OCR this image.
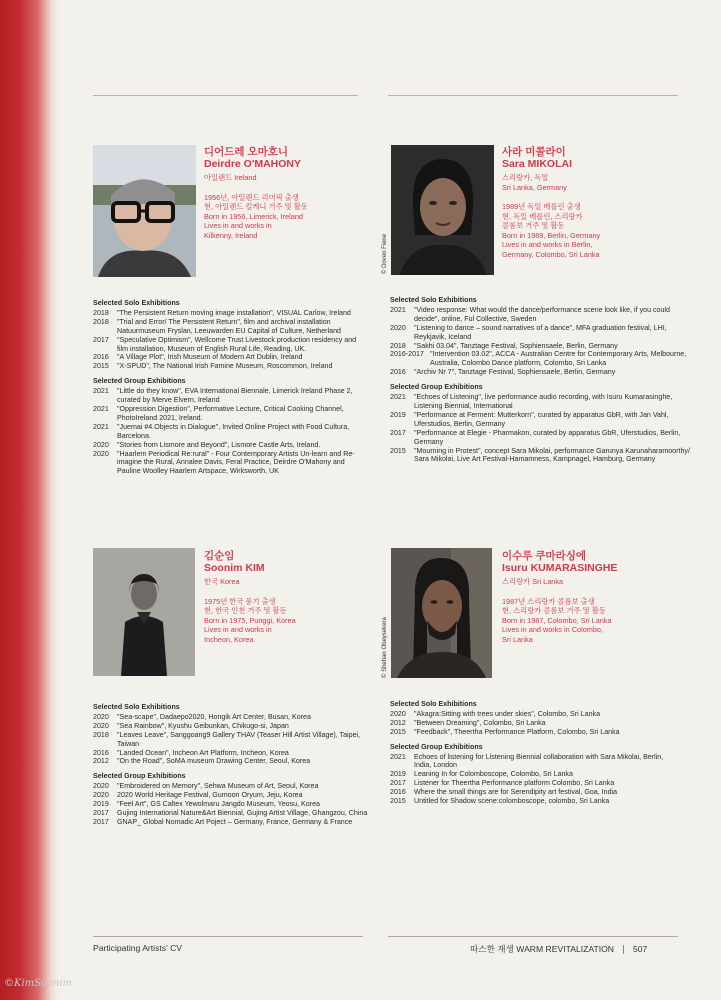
디어드레 오마호니
Deirdre O'MAHONY
아일랜드 Ireland
1956년, 아일랜드 리머릭 출생
현, 아일랜드 킬케니 거주 및 활동
Born in 1956, Limerick, Ireland
Lives in and works in
Kilkenny, Ireland
Selected Solo Exhibitions
2018	"The Persistent Return moving image installation", VISUAL Carlow, Ireland
2018	"Trial and Error/ The Persistent Return", film and archival installation Natuurmuseum Fryslan, Leeuwarden EU Capital of Culture, Netherland
2017	"Speculative Optimism", Wellcome Trust Livestock production residency and film installation, Museum of English Rural Life, Reading, UK.
2016	"A Village Plot", Irish Museum of Modern Art Dublin, Ireland
2015	"X-SPUD", The National Irish Famine Museum, Roscommon, Ireland
Selected Group Exhibitions
2021	"Little do they know", EVA International Biennale, Limerick Ireland Phase 2, curated by Merve Elvern, Ireland
2021	"Oppression Digestion", Performative Lecture, Critical Cooking Channel, PhotoIreland 2021, Ireland.
2021	"Juemai #4.Objects in Dialogue", Invited Online Project with Food Cultura, Barcelona.
2020	"Stories from Lismore and Beyond", Lismore Castle Arts, Ireland.
2020	"Haarlem Periodical Re:rural" - Four Contemporary Artists Un-learn and Re-imagine the Rural, Annalee Davis, Feral Practice, Deirdre O'Mahony and Pauline Woolley Haarlem Artspace, Wirksworth, UK
© Doven Fiene
사라 미콜라이
Sara MIKOLAI
스리랑카, 독일
Sri Lanka, Germany
1989년 독일 베를린 출생
현, 독일 베를린, 스리랑카
콜롬보 거주 및 활동
Born in 1989, Berlin, Germany
Lives in and works in Berlin,
Germany, Colombo, Sri Lanka
Selected Solo Exhibitions
2021	"Video response: What would the dance/performance scene look like, if you could decide", online, Ful Collective, Sweden
2020	"Listening to dance – sound narratives of a dance", MFA graduation festival, LHI, Reykjavik, Iceland
2018	"Sakhi 03.04", Tanztage Festival, Sophiensaele, Berlin, Germany
2016-2017 "Intervention 03.02", ACCA - Australian Centre for Contemporary Arts, Melbourne, Australia, Colombo Dance platform, Colombo, Sri Lanka
2016	"Archiv Nr 7", Tanztage Festival, Sophiensaele, Berlin, Germany
Selected Group Exhibitions
2021	"Echoes of Listening", live performance audio recording, with Isuru Kumarasinghe, Listening Biennial, International
2019	"Performance at Ferment: Mutterkorn", curated by apparatus GbR, with Jan Vahl, Uferstudios, Berlin, Germany
2017	"Performance at Elegie - Pharmakon, curated by apparatus GbR, Uferstudios, Berlin, Germany
2015	"Mourning in Protest", concept Sara Mikolai, performance Garunya Karunaharamoorthy/ Sara Mikolai, Live Art Festival-Hamamness, Kampnagel, Hamburg, Germany
김순임
Soonim KIM
한국 Korea
1975년 한국 풍기 출생
현, 한국 인천 거주 및 활동
Born in 1975, Punggi, Korea
Lives in and works in
Incheon, Korea
Selected Solo Exhibitions
2020	"Sea-scape", Dadaepo2020, Hongik Art Center, Busan, Korea
2020	"Sea Rainbow", Kyushu Geibunkan, Chikugo-si, Japan
2018	"Leaves Leave", Sanggoang9 Gallery THAV (Teaser Hill Artist Village), Taipei, Taiwan
2016	"Landed Ocean", Incheon Art Platform, Incheon, Korea
2012	"On the Road", SoMA museum Drawing Center, Seoul, Korea
Selected Group Exhibitions
2020	"Embroidered on Memory", Sehwa Museum of Art, Seoul, Korea
2020	2020 World Heritage Festival, Gumoon Oryum, Jeju, Korea
2019	"Feel Art", GS Caltex Yewolmaru Jangdo Museum, Yeosu, Korea
2017	Gujing International Nature&Art Biennial, Gujing Artist Village, Ghangzou, China
2017	GNAP_ Global Nomadic Art Poject – Germany, France, Germany & France
© Shehan Obeysekera
이수루 쿠마라싱에
Isuru KUMARASINGHE
스리랑카 Sri Lanka
1987년 스리랑카 콜롬보 출생
현, 스리랑카 콜롬보 거주 및 활동
Born in 1987, Colombo, Sri Lanka
Lives in and works in Colombo,
Sri Lanka
Selected Solo Exhibitions
2020	"Akagra:Sitting with trees under skies", Colombo, Sri Lanka
2012	"Between Dreaming", Colombo, Sri Lanka
2015	"Feedback", Theertha Performance Platform, Colombo, Sri Lanka
Selected Group Exhibitions
2021	Echoes of listening for Listening Biennial collaboration with Sara Mikolai, Berlin, India, London
2019	Leaning In for Colomboscope, Colombo, Sri Lanka
2017	Listener for Theertha Performance platform Colombo, Sri Lanka
2016	Where the small things are for Serendipity art festival, Goa, India
2015	Untitled for Shadow scene:colomboscope, colombo, Sri Lanka
Participating Artists' CV	따스한 재생 WARM REVITALIZATION 507
©KimSoonim
